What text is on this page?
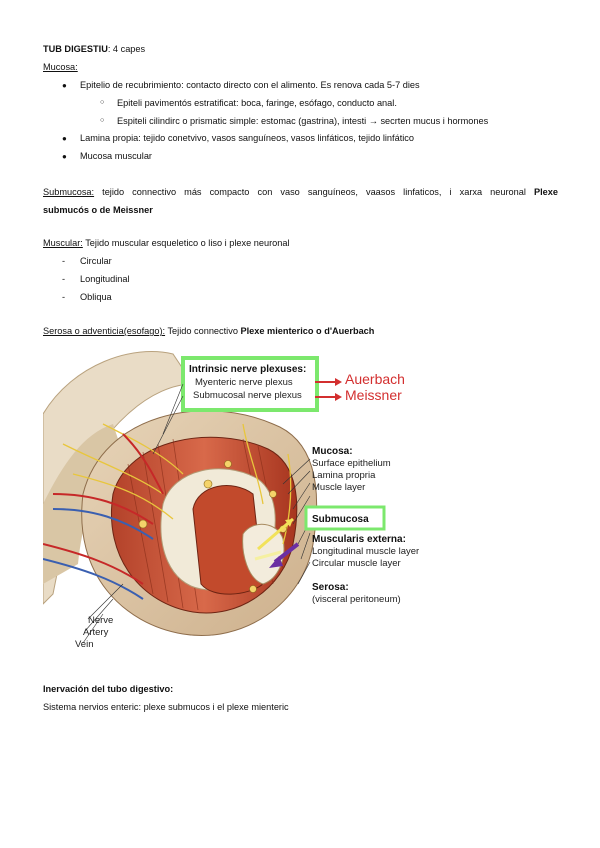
TUB DIGESTIU: 4 capes
Mucosa:
● Epitelio de recubrimiento: contacto directo con el alimento. Es renova cada 5-7 dies
○ Epiteli pavimentós estratificat: boca, faringe, esófago, conducto anal.
○ Espiteli cilindirc o prismatic simple: estomac (gastrina), intesti → secrten mucus i hormones
● Lamina propia: tejido conetvivo, vasos sanguíneos, vasos linfáticos, tejido linfático
● Mucosa muscular
Submucosa: tejido connectivo más compacto con vaso sanguíneos, vaasos linfaticos, i xarxa neuronal Plexe
submucós o de Meissner
Muscular: Tejido muscular esqueletico o liso i plexe neuronal
- Circular
- Longitudinal
- Obliqua
Serosa o adventicia(esofago): Tejido connectivo Plexe mienterico o d'Auerbach
Intrinsic nerve plexuses:
Myenteric nerve plexus
Submucosal nerve plexus
Auerbach
Meissner
Mucosa:
Surface epithelium
Lamina propria
Muscle layer
Submucosa
Muscularis externa:
Longitudinal muscle layer
Circular muscle layer
Serosa:
(visceral peritoneum)
Nerve
Artery
Vein
Inervación del tubo digestivo:
Sistema nervios enteric: plexe submucos i el plexe mienteric
